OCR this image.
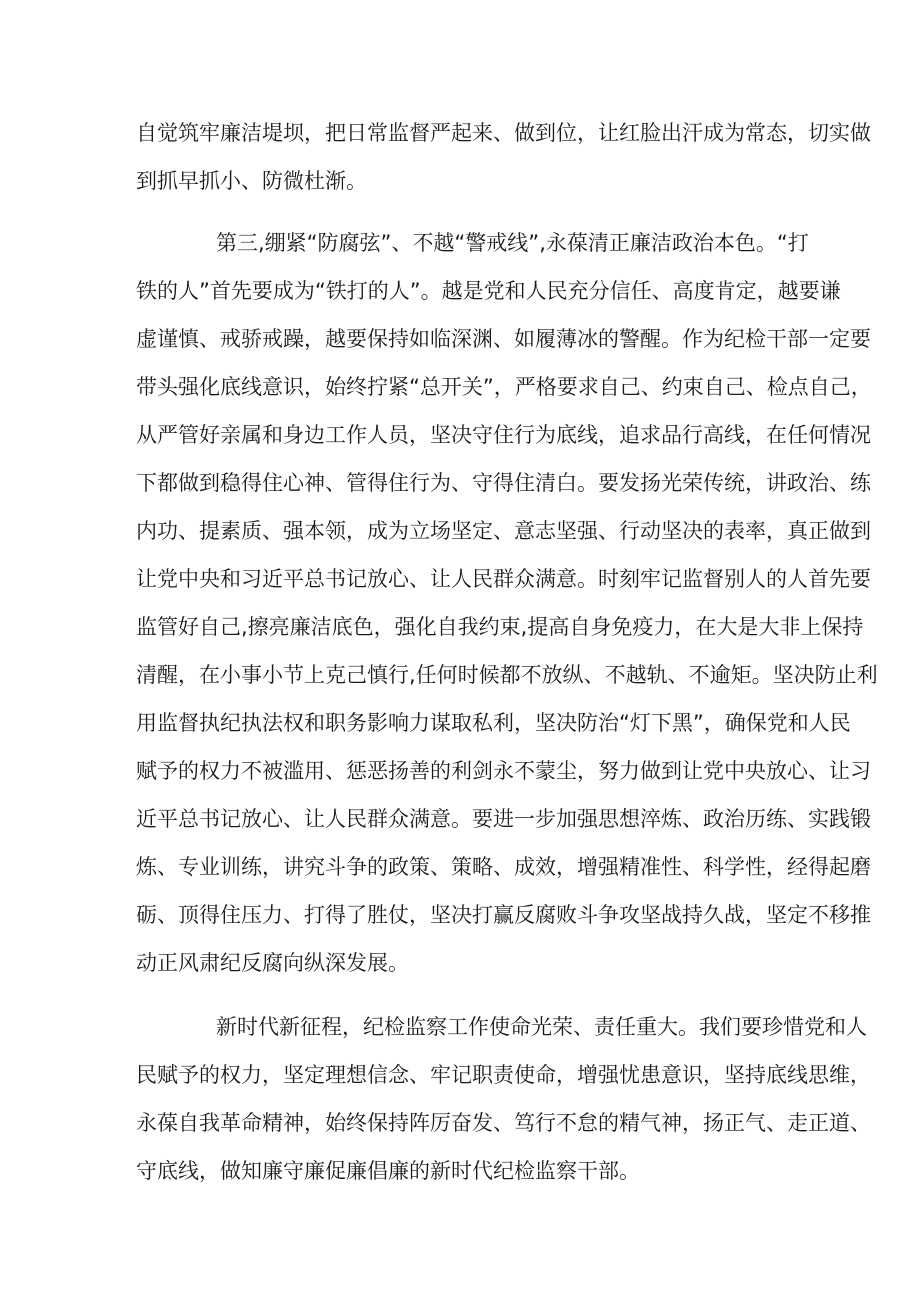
自觉筑牢廉洁堤坝，把日常监督严起来、做到位，让红脸出汗成为常态，切实做
到抓早抓小、防微杜渐。
第三,绷紧“防腐弦”、不越“警戒线”,永葆清正廉洁政治本色。“打
铁的人”首先要成为“铁打的人”。越是党和人民充分信任、高度肯定，越要谦
虚谨慎、戒骄戒躁，越要保持如临深渊、如履薄冰的警醒。作为纪检干部一定要
带头强化底线意识，始终拧紧“总开关”，严格要求自己、约束自己、检点自己，
从严管好亲属和身边工作人员，坚决守住行为底线，追求品行高线，在任何情况
下都做到稳得住心神、管得住行为、守得住清白。要发扬光荣传统，讲政治、练
内功、提素质、强本领，成为立场坚定、意志坚强、行动坚决的表率，真正做到
让党中央和习近平总书记放心、让人民群众满意。时刻牢记监督别人的人首先要
监管好自己,擦亮廉洁底色，强化自我约束,提高自身免疫力，在大是大非上保持
清醒，在小事小节上克己慎行,任何时候都不放纵、不越轨、不逾矩。坚决防止利
用监督执纪执法权和职务影响力谋取私利，坚决防治“灯下黑”，确保党和人民
赋予的权力不被滥用、惩恶扬善的利剑永不蒙尘，努力做到让党中央放心、让习
近平总书记放心、让人民群众满意。要进一步加强思想淬炼、政治历练、实践锻
炼、专业训练，讲究斗争的政策、策略、成效，增强精准性、科学性，经得起磨
砺、顶得住压力、打得了胜仗，坚决打赢反腐败斗争攻坚战持久战，坚定不移推
动正风肃纪反腐向纵深发展。
新时代新征程，纪检监察工作使命光荣、责任重大。我们要珍惜党和人
民赋予的权力，坚定理想信念、牢记职责使命，增强忧患意识，坚持底线思维，
永葆自我革命精神，始终保持阵厉奋发、笃行不怠的精气神，扬正气、走正道、
守底线，做知廉守廉促廉倡廉的新时代纪检监察干部。
